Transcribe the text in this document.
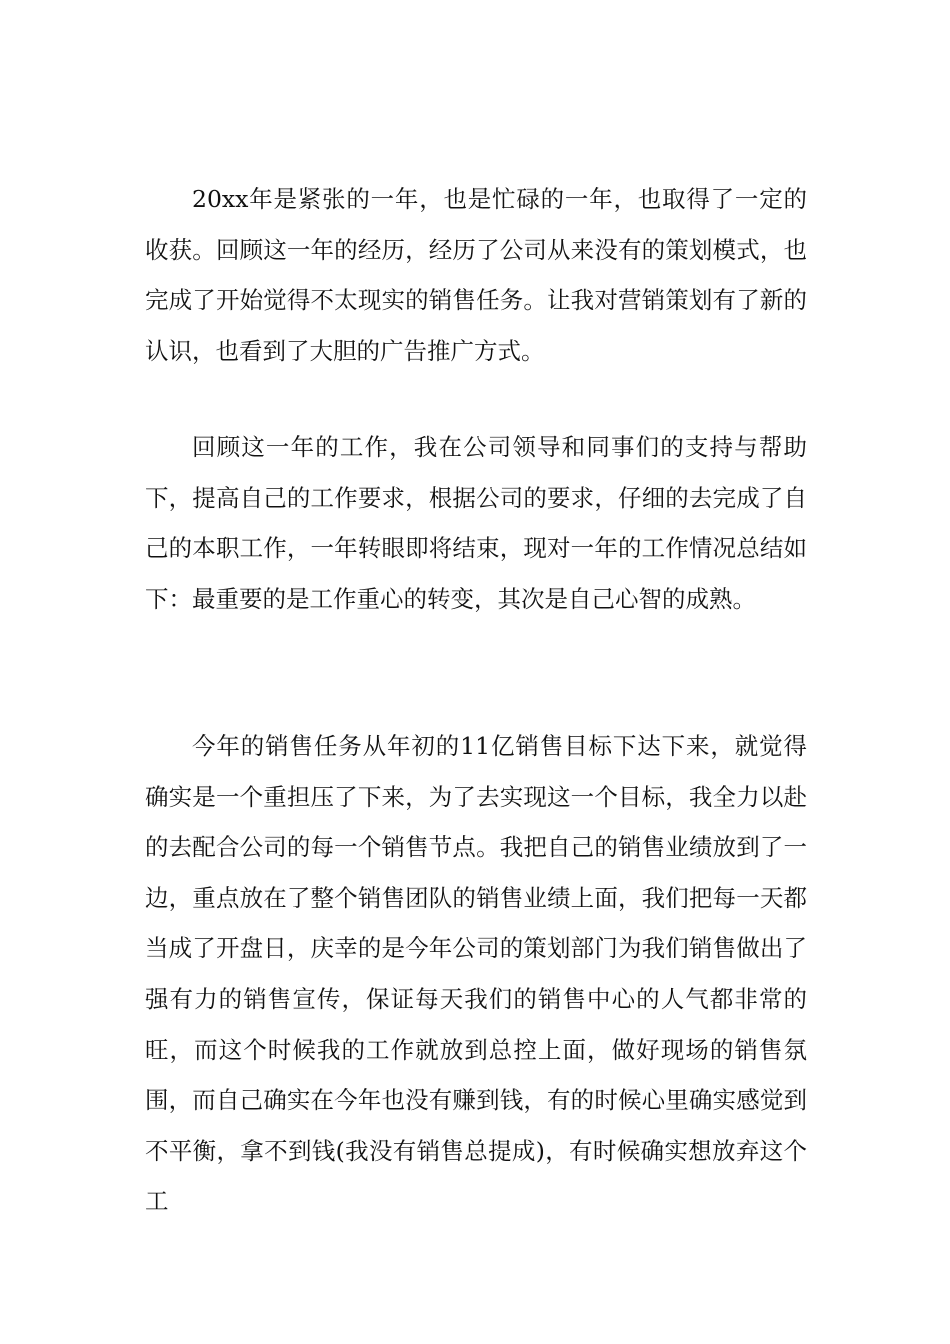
20xx年是紧张的一年，也是忙碌的一年，也取得了一定的收获。回顾这一年的经历，经历了公司从来没有的策划模式，也完成了开始觉得不太现实的销售任务。让我对营销策划有了新的认识，也看到了大胆的广告推广方式。

回顾这一年的工作，我在公司领导和同事们的支持与帮助下，提高自己的工作要求，根据公司的要求，仔细的去完成了自己的本职工作，一年转眼即将结束，现对一年的工作情况总结如下：最重要的是工作重心的转变，其次是自己心智的成熟。

今年的销售任务从年初的11亿销售目标下达下来，就觉得确实是一个重担压了下来，为了去实现这一个目标，我全力以赴的去配合公司的每一个销售节点。我把自己的销售业绩放到了一边，重点放在了整个销售团队的销售业绩上面，我们把每一天都当成了开盘日，庆幸的是今年公司的策划部门为我们销售做出了强有力的销售宣传，保证每天我们的销售中心的人气都非常的旺，而这个时候我的工作就放到总控上面，做好现场的销售氛围，而自己确实在今年也没有赚到钱，有的时候心里确实感觉到不平衡，拿不到钱(我没有销售总提成)，有时候确实想放弃这个工
